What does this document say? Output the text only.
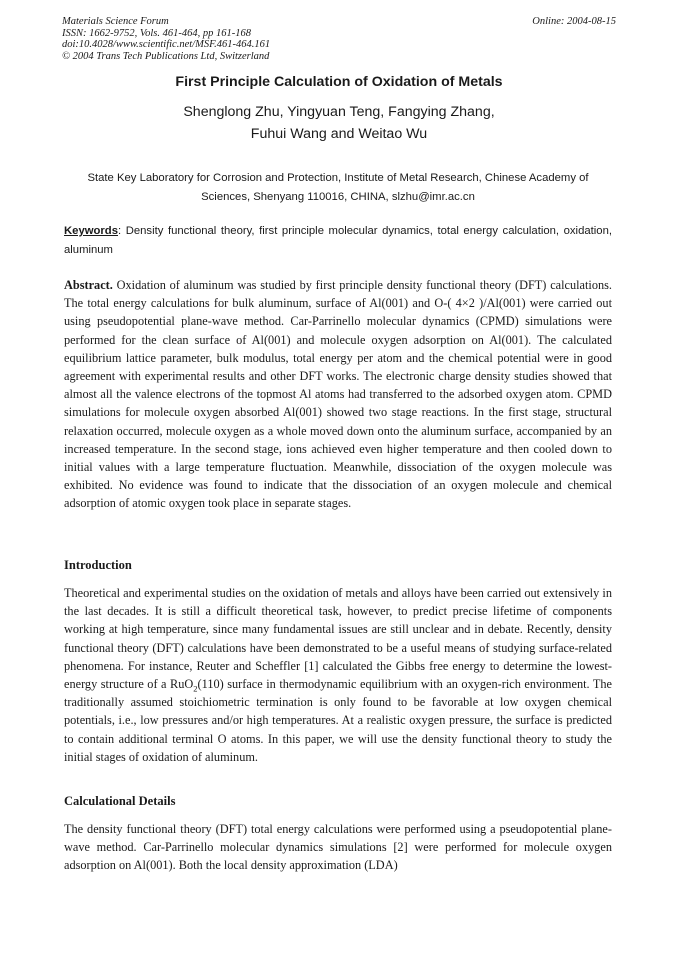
Materials Science Forum
ISSN: 1662-9752, Vols. 461-464, pp 161-168
doi:10.4028/www.scientific.net/MSF.461-464.161
© 2004 Trans Tech Publications Ltd, Switzerland
Online: 2004-08-15
First Principle Calculation of Oxidation of Metals
Shenglong Zhu, Yingyuan Teng, Fangying Zhang,
Fuhui Wang and Weitao Wu
State Key Laboratory for Corrosion and Protection, Institute of Metal Research, Chinese Academy of Sciences, Shenyang 110016, CHINA, slzhu@imr.ac.cn
Keywords: Density functional theory, first principle molecular dynamics, total energy calculation, oxidation, aluminum

Abstract. Oxidation of aluminum was studied by first principle density functional theory (DFT) calculations. The total energy calculations for bulk aluminum, surface of Al(001) and O-( 4×2 )/Al(001) were carried out using pseudopotential plane-wave method. Car-Parrinello molecular dynamics (CPMD) simulations were performed for the clean surface of Al(001) and molecule oxygen adsorption on Al(001). The calculated equilibrium lattice parameter, bulk modulus, total energy per atom and the chemical potential were in good agreement with experimental results and other DFT works. The electronic charge density studies showed that almost all the valence electrons of the topmost Al atoms had transferred to the adsorbed oxygen atom. CPMD simulations for molecule oxygen absorbed Al(001) showed two stage reactions. In the first stage, structural relaxation occurred, molecule oxygen as a whole moved down onto the aluminum surface, accompanied by an increased temperature. In the second stage, ions achieved even higher temperature and then cooled down to initial values with a large temperature fluctuation. Meanwhile, dissociation of the oxygen molecule was exhibited. No evidence was found to indicate that the dissociation of an oxygen molecule and chemical adsorption of atomic oxygen took place in separate stages.

Introduction

Theoretical and experimental studies on the oxidation of metals and alloys have been carried out extensively in the last decades. It is still a difficult theoretical task, however, to predict precise lifetime of components working at high temperature, since many fundamental issues are still unclear and in debate. Recently, density functional theory (DFT) calculations have been demonstrated to be a useful means of studying surface-related phenomena. For instance, Reuter and Scheffler [1] calculated the Gibbs free energy to determine the lowest-energy structure of a RuO$_2$(110) surface in thermodynamic equilibrium with an oxygen-rich environment. The traditionally assumed stoichiometric termination is only found to be favorable at low oxygen chemical potentials, i.e., low pressures and/or high temperatures. At a realistic oxygen pressure, the surface is predicted to contain additional terminal O atoms. In this paper, we will use the density functional theory to study the initial stages of oxidation of aluminum.

Calculational Details

The density functional theory (DFT) total energy calculations were performed using a pseudopotential plane-wave method. Car-Parrinello molecular dynamics simulations [2] were performed for molecule oxygen adsorption on Al(001). Both the local density approximation (LDA)
